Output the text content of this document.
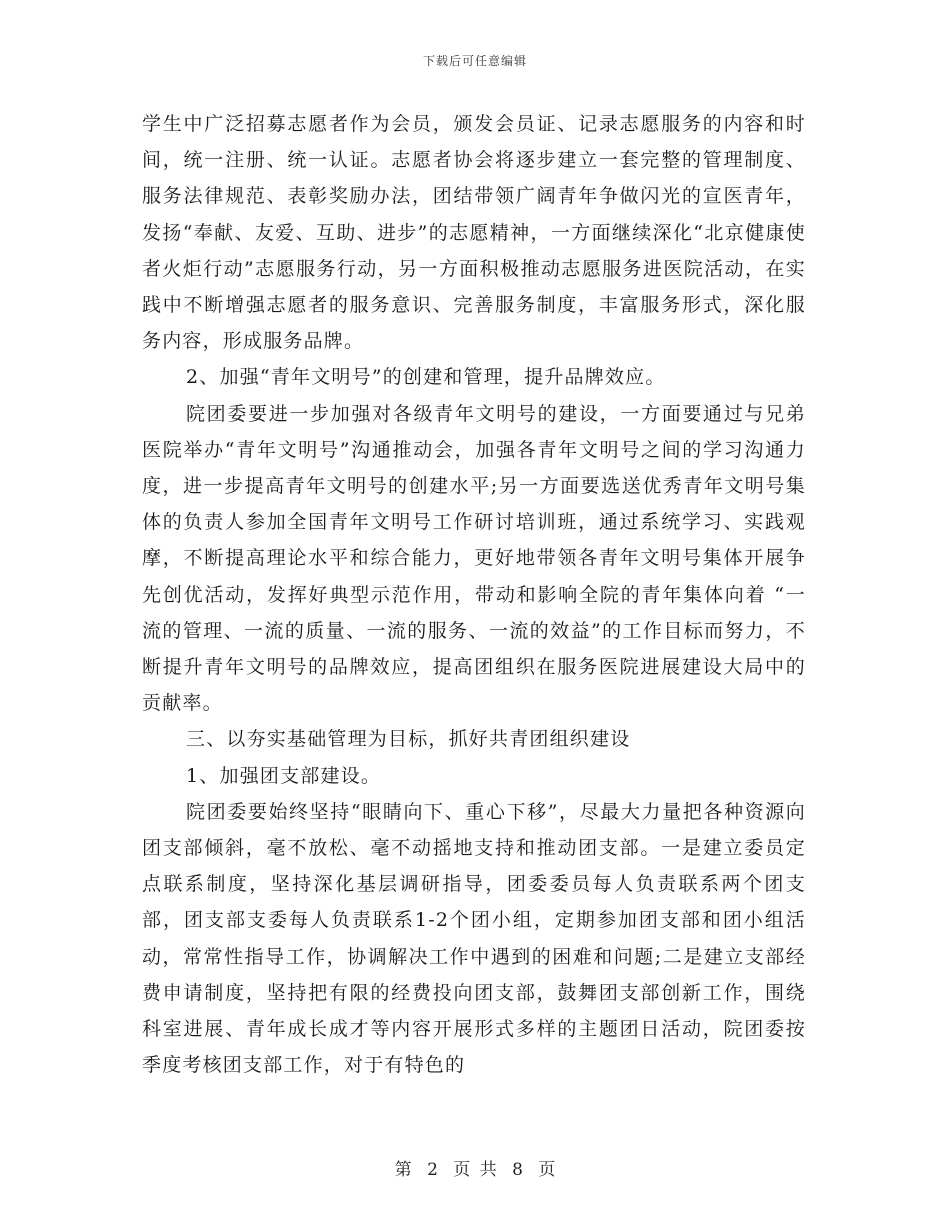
下载后可任意编辑

学生中广泛招募志愿者作为会员，颁发会员证、记录志愿服务的内容和时间，统一注册、统一认证。志愿者协会将逐步建立一套完整的管理制度、服务法律规范、表彰奖励办法，团结带领广阔青年争做闪光的宣医青年，发扬“奉献、友爱、互助、进步”的志愿精神，一方面继续深化“北京健康使者火炬行动”志愿服务行动，另一方面积极推动志愿服务进医院活动，在实践中不断增强志愿者的服务意识、完善服务制度，丰富服务形式，深化服务内容，形成服务品牌。

2、加强“青年文明号”的创建和管理，提升品牌效应。

院团委要进一步加强对各级青年文明号的建设，一方面要通过与兄弟医院举办“青年文明号”沟通推动会，加强各青年文明号之间的学习沟通力度，进一步提高青年文明号的创建水平;另一方面要选送优秀青年文明号集体的负责人参加全国青年文明号工作研讨培训班，通过系统学习、实践观摩，不断提高理论水平和综合能力，更好地带领各青年文明号集体开展争先创优活动，发挥好典型示范作用，带动和影响全院的青年集体向着 “一流的管理、一流的质量、一流的服务、一流的效益”的工作目标而努力，不断提升青年文明号的品牌效应，提高团组织在服务医院进展建设大局中的贡献率。

三、以夯实基础管理为目标，抓好共青团组织建设

1、加强团支部建设。

院团委要始终坚持“眼睛向下、重心下移”，尽最大力量把各种资源向团支部倾斜，毫不放松、毫不动摇地支持和推动团支部。一是建立委员定点联系制度，坚持深化基层调研指导，团委委员每人负责联系两个团支部，团支部支委每人负责联系1-2个团小组，定期参加团支部和团小组活动，常常性指导工作，协调解决工作中遇到的困难和问题;二是建立支部经费申请制度，坚持把有限的经费投向团支部，鼓舞团支部创新工作，围绕科室进展、青年成长成才等内容开展形式多样的主题团日活动，院团委按季度考核团支部工作，对于有特色的

第 2 页 共 8 页
